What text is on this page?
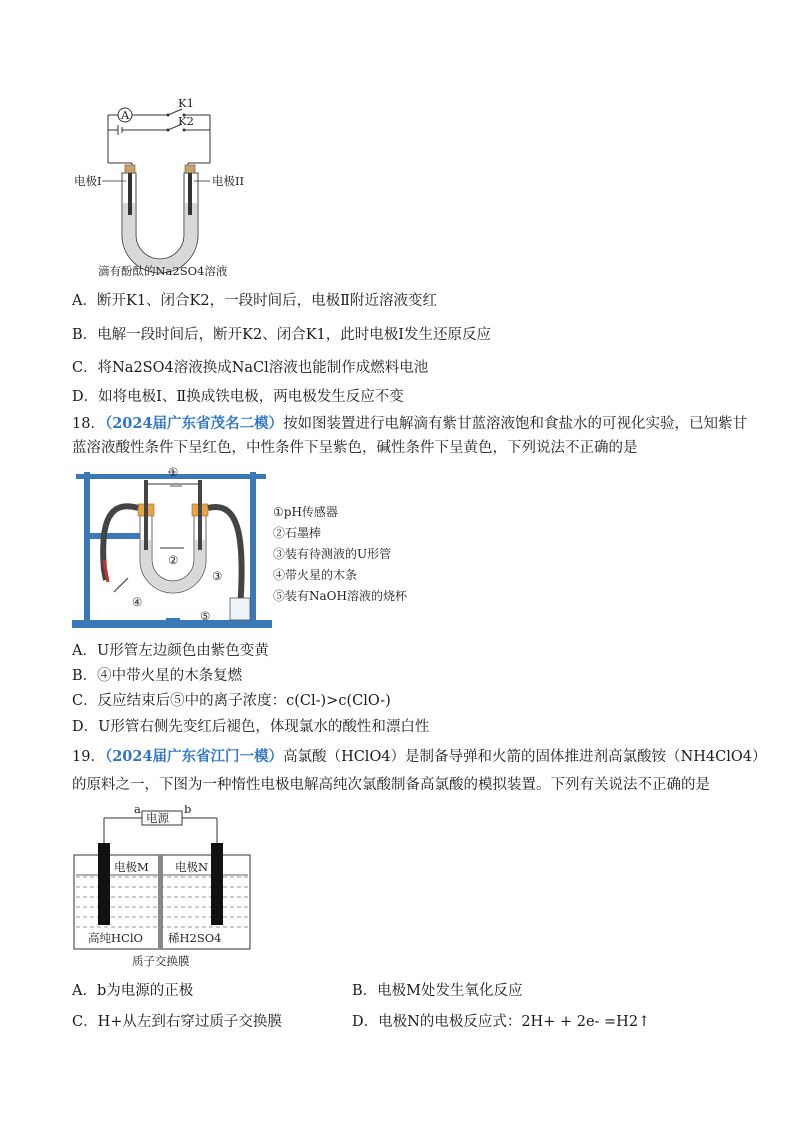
A
K1
K2
电极I	电极II
滴有酚酞的Na2SO4溶液
A．断开K1、闭合K2，一段时间后，电极Ⅱ附近溶液变红
B．电解一段时间后，断开K2、闭合K1，此时电极Ⅰ发生还原反应
C．将Na2SO4溶液换成NaCl溶液也能制作成燃料电池
D．如将电极Ⅰ、Ⅱ换成铁电极，两电极发生反应不变
18．（2024届广东省茂名二模）按如图装置进行电解滴有紫甘蓝溶液饱和食盐水的可视化实验，已知紫甘
蓝溶液酸性条件下呈红色，中性条件下呈紫色，碱性条件下呈黄色，下列说法不正确的是
①
②
③
④
⑤
①pH传感器
②石墨棒
③装有待测液的U形管
④带火星的木条
⑤装有NaOH溶液的烧杯
A．U形管左边颜色由紫色变黄
B．④中带火星的木条复燃
C．反应结束后⑤中的离子浓度：c(Cl-)>c(ClO-)
D．U形管右侧先变红后褪色，体现氯水的酸性和漂白性
19．（2024届广东省江门一模）高氯酸（HClO4）是制备导弹和火箭的固体推进剂高氯酸铵（NH4ClO4）
的原料之一，下图为一种惰性电极电解高纯次氯酸制备高氯酸的模拟装置。下列有关说法不正确的是
电源
a	b
电极M 电极N
高纯HClO 稀H2SO4
质子交换膜
A．b为电源的正极	B．电极M处发生氧化反应
C．H+从左到右穿过质子交换膜	D．电极N的电极反应式：2H+ + 2e- =H2↑
